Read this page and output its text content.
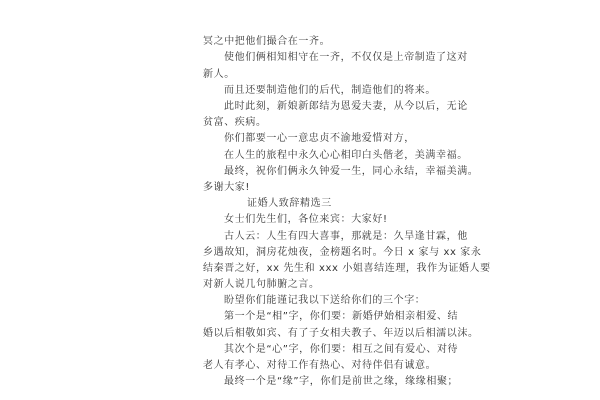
冥之中把他们撮合在一齐。
使他们俩相知相守在一齐，不仅仅是上帝制造了这对
新人。
而且还要制造他们的后代，制造他们的将来。
此时此刻，新娘新郎结为恩爱夫妻，从今以后，无论
贫富、疾病。
你们都要一心一意忠贞不渝地爱惜对方，
在人生的旅程中永久心心相印白头偕老，美满幸福。
最终，祝你们俩永久钟爱一生，同心永结，幸福美满。
多谢大家!
证婚人致辞精选三
女士们先生们，各位来宾：大家好!
古人云：人生有四大喜事，那就是：久旱逢甘霖，他
乡遇故知，洞房花烛夜，金榜题名时。今日 x 家与 xx 家永
结秦晋之好，xx 先生和 xxx 小姐喜结连理，我作为证婚人要
对新人说几句肺腑之言。
盼望你们能谨记我以下送给你们的三个字：
第一个是“相”字，你们要：新婚伊始相亲相爱、结
婚以后相敬如宾、有了子女相夫教子、年迈以后相濡以沫。
其次个是“心”字，你们要：相互之间有爱心、对待
老人有孝心、对待工作有热心、对待伴侣有诚意。
最终一个是“缘”字，你们是前世之缘，缘缘相聚；
